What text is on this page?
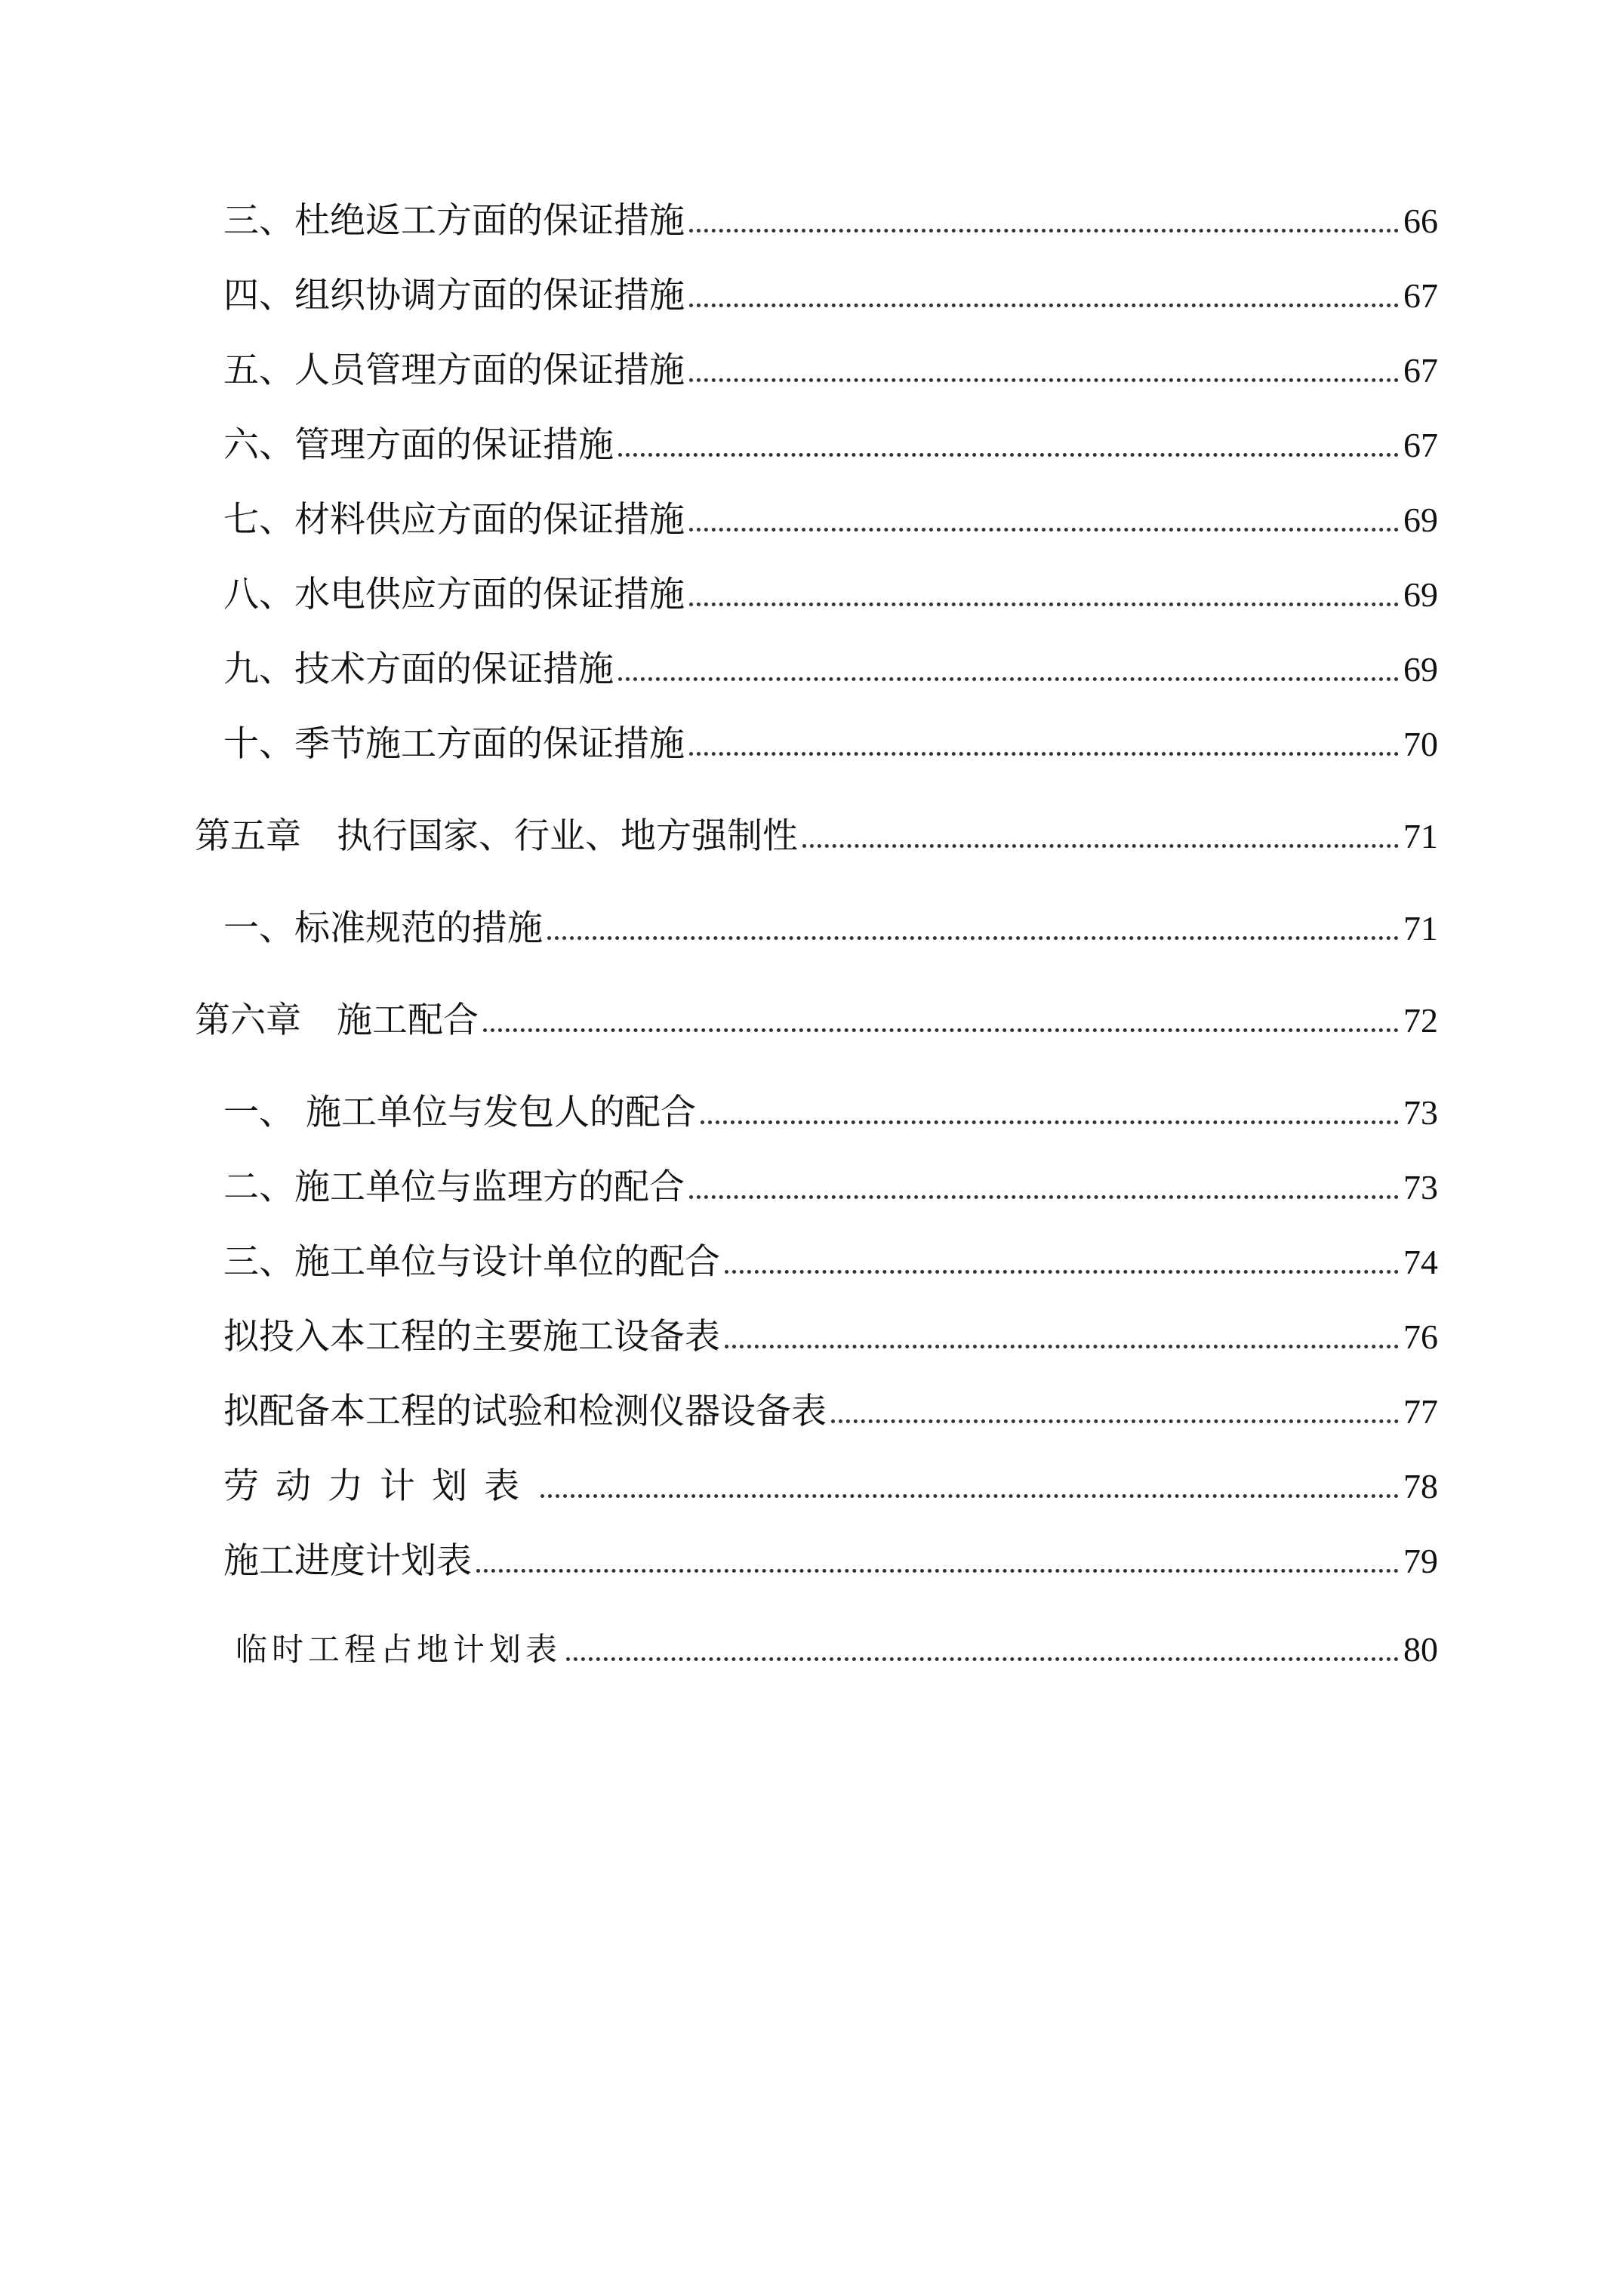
三、杜绝返工方面的保证措施	66
四、组织协调方面的保证措施	67
五、人员管理方面的保证措施	67
六、管理方面的保证措施	67
七、材料供应方面的保证措施	69
八、水电供应方面的保证措施	69
九、技术方面的保证措施	69
十、季节施工方面的保证措施	70
第五章　执行国家、行业、地方强制性	71
一、标准规范的措施	71
第六章　施工配合	72
一、 施工单位与发包人的配合	73
二、施工单位与监理方的配合	73
三、施工单位与设计单位的配合	74
拟投入本工程的主要施工设备表	76
拟配备本工程的试验和检测仪器设备表	77
劳动力计划表	78
施工进度计划表	79
临时工程占地计划表	80
